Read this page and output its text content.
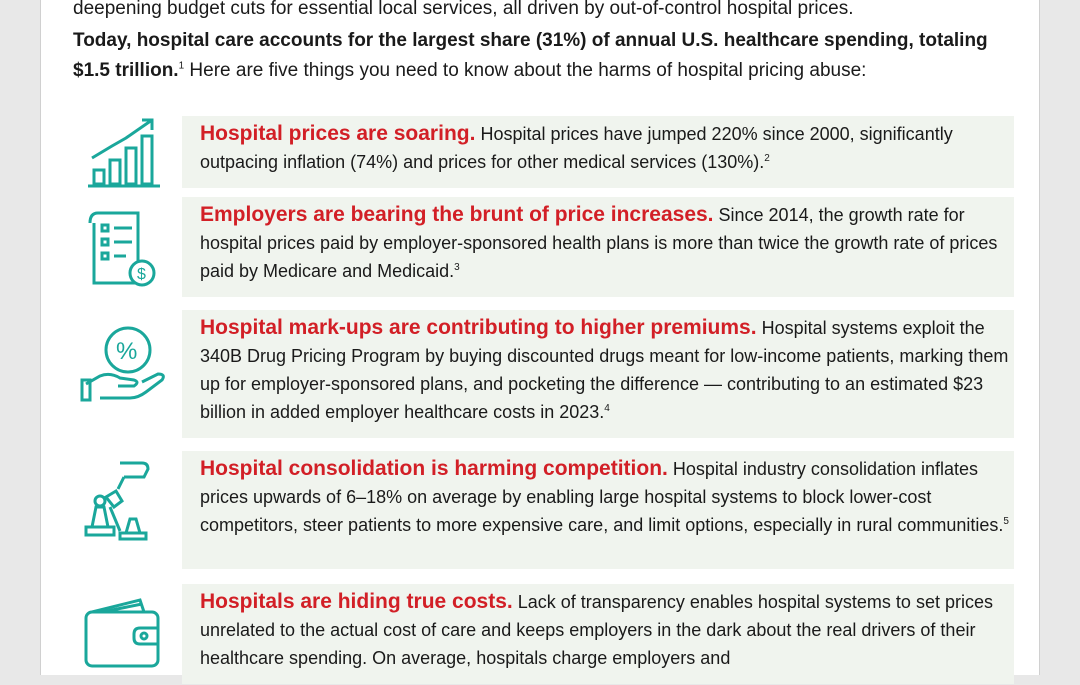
deepening budget cuts for essential local services, all driven by out-of-control hospital prices.
Today, hospital care accounts for the largest share (31%) of annual U.S. healthcare spending, totaling $1.5 trillion.$^1$ Here are five things you need to know about the harms of hospital pricing abuse:
Hospital prices are soaring. Hospital prices have jumped 220% since 2000, significantly outpacing inflation (74%) and prices for other medical services (130%).$^2$
$
Employers are bearing the brunt of price increases. Since 2014, the growth rate for hospital prices paid by employer-sponsored health plans is more than twice the growth rate of prices paid by Medicare and Medicaid.$^3$
%
Hospital mark-ups are contributing to higher premiums. Hospital systems exploit the 340B Drug Pricing Program by buying discounted drugs meant for low-income patients, marking them up for employer-sponsored plans, and pocketing the difference — contributing to an estimated $23 billion in added employer healthcare costs in 2023.$^4$
Hospital consolidation is harming competition. Hospital industry consolidation inflates prices upwards of 6–18% on average by enabling large hospital systems to block lower-cost competitors, steer patients to more expensive care, and limit options, especially in rural communities.$^5$
Hospitals are hiding true costs. Lack of transparency enables hospital systems to set prices unrelated to the actual cost of care and keeps employers in the dark about the real drivers of their healthcare spending. On average, hospitals charge employers and
